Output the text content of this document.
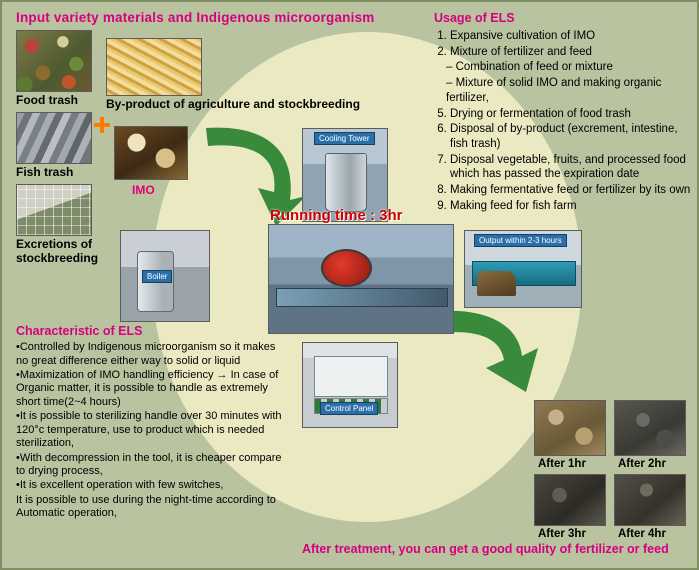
Input variety materials and Indigenous microorganism
Food trash
Fish trash
Excretions of stockbreeding
By-product of agriculture and stockbreeding
IMO
Cooling Tower
Boiler
Control Panel
Output within 2-3 hours
Running time : 3hr
Usage of ELS
1. Expansive cultivation of IMO
2. Mixture of fertilizer and feed
– Combination of feed or mixture
– Mixture of solid IMO and making organic fertilizer,
5. Drying or fermentation of food trash
6. Disposal of by-product (excrement, intestine, fish trash)
7. Disposal vegetable, fruits, and processed food which has passed the expiration date
8. Making fermentative feed or fertilizer by its own
9. Making feed for fish farm
Characteristic of ELS

•Controlled by Indigenous microorganism so it makes no great difference either way to solid or liquid

•Maximization of IMO handling efficiency → In case of Organic matter, it is possible to handle as extremely short time(2~4 hours)

•It is possible to sterilizing handle over 30 minutes with 120°c temperature, use to product which is needed sterilization,

•With decompression in the tool, it is cheaper compare to drying process,

•It is excellent operation with few switches,

It is possible to use during the night-time according to Automatic operation,

After 1hr	After 2hr
After 3hr	After 4hr
After treatment, you can get a good quality of fertilizer or feed
